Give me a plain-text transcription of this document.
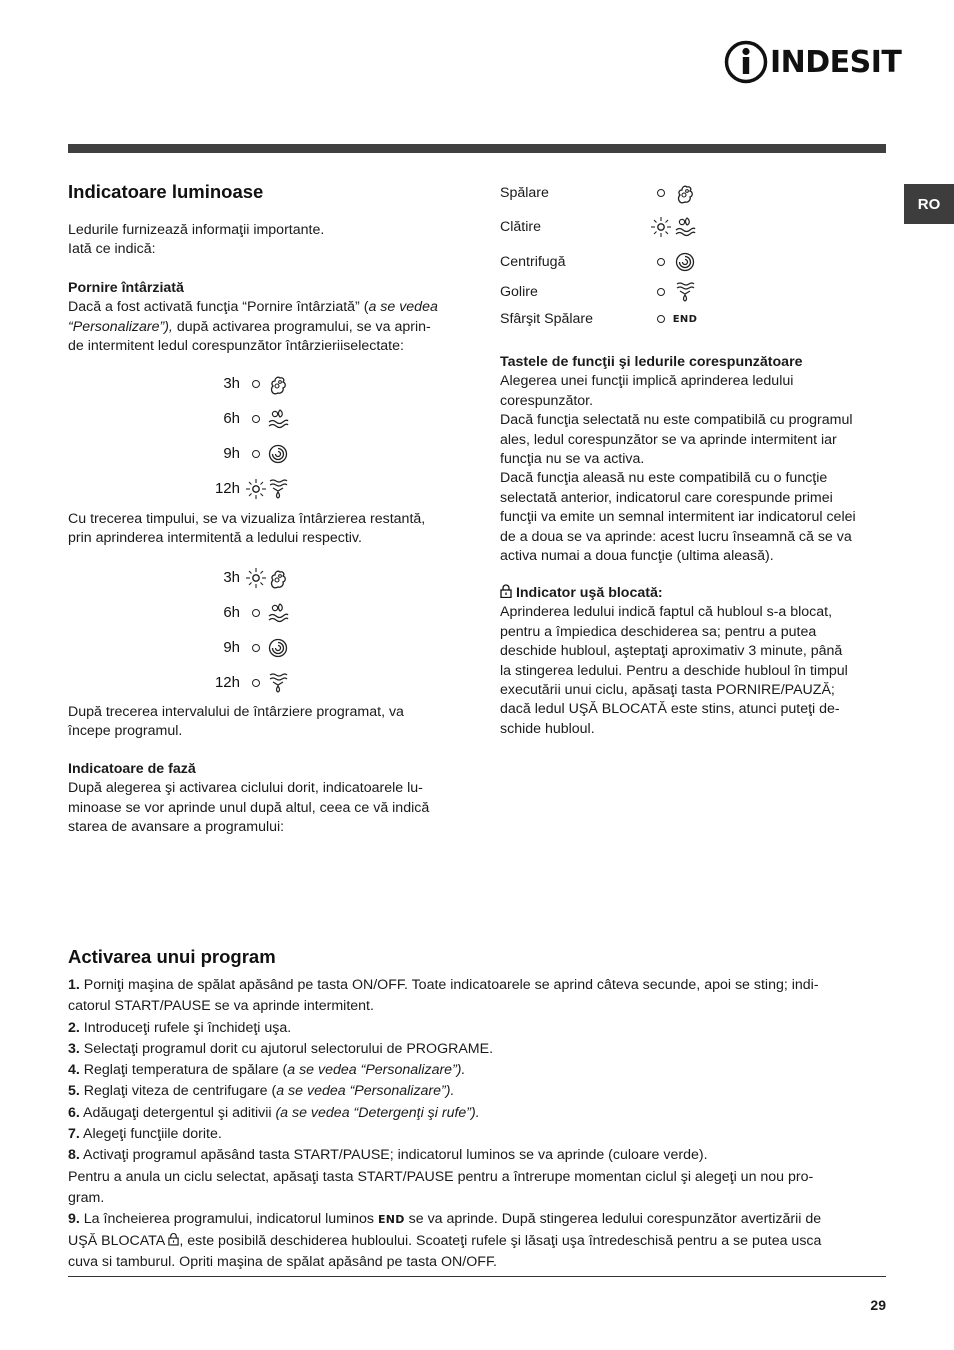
INDESIT
RO
Indicatoare luminoase

Ledurile furnizează informaţii importante.

Iată ce indică:

Pornire întârziată

Dacă a fost activată funcţia “Pornire întârziată” (a se vedea

“Personalizare”), după activarea programului, se va aprin-

de intermitent ledul corespunzător întârzieriiselectate:

3h
6h
9h
12h

Cu trecerea timpului, se va vizualiza întârzierea restantă,

prin aprinderea intermitentă a ledului respectiv.

3h
6h
9h
12h

După trecerea intervalului de întârziere programat, va

începe programul.

Indicatoare de fază

După alegerea şi activarea ciclului dorit, indicatoarele lu-

minoase se vor aprinde unul după altul, ceea ce vă indică

starea de avansare a programului:

Spălare
Clătire
Centrifugă
Golire
Sfârşit Spălare	END

Tastele de funcţii şi ledurile corespunzătoare

Alegerea unei funcţii implică aprinderea ledului

corespunzător.

Dacă funcţia selectată nu este compatibilă cu programul

ales, ledul corespunzător se va aprinde intermitent iar

funcţia nu se va activa.

Dacă funcţia aleasă nu este compatibilă cu o funcţie

selectată anterior, indicatorul care corespunde primei

funcţii va emite un semnal intermitent iar indicatorul celei

de a doua se va aprinde: acest lucru înseamnă că se va

activa numai a doua funcţie (ultima aleasă).

Indicator uşă blocată:

Aprinderea ledului indică faptul că hubloul s-a blocat,

pentru a împiedica deschiderea sa; pentru a putea

deschide hubloul, aşteptaţi aproximativ 3 minute, până

la stingerea ledului. Pentru a deschide hubloul în timpul

executării unui ciclu, apăsaţi tasta PORNIRE/PAUZĂ;

dacă ledul UŞĂ BLOCATĂ este stins, atunci puteţi de-

schide hubloul.

Activarea unui program

1. Porniţi maşina de spălat apăsând pe tasta ON/OFF. Toate indicatoarele se aprind câteva secunde, apoi se sting; indi-

catorul START/PAUSE se va aprinde intermitent.

2. Introduceţi rufele şi închideţi uşa.

3. Selectaţi programul dorit cu ajutorul selectorului de PROGRAME.

4. Reglaţi temperatura de spălare (a se vedea “Personalizare”).

5. Reglaţi viteza de centrifugare (a se vedea “Personalizare”).

6. Adăugaţi detergentul şi aditivii (a se vedea “Detergenţi şi rufe”).

7. Alegeţi funcţiile dorite.

8. Activaţi programul apăsând tasta START/PAUSE; indicatorul luminos se va aprinde (culoare verde).

Pentru a anula un ciclu selectat, apăsaţi tasta START/PAUSE pentru a întrerupe momentan ciclul şi alegeţi un nou pro-

gram.

9. La încheierea programului, indicatorul luminos END se va aprinde. După stingerea ledului corespunzător avertizării de

UŞĂ BLOCATA , este posibilă deschiderea hubloului. Scoateţi rufele şi lăsaţi uşa întredeschisă pentru a se putea usca

cuva si tamburul. Opriti maşina de spălat apăsând pe tasta ON/OFF.

29
